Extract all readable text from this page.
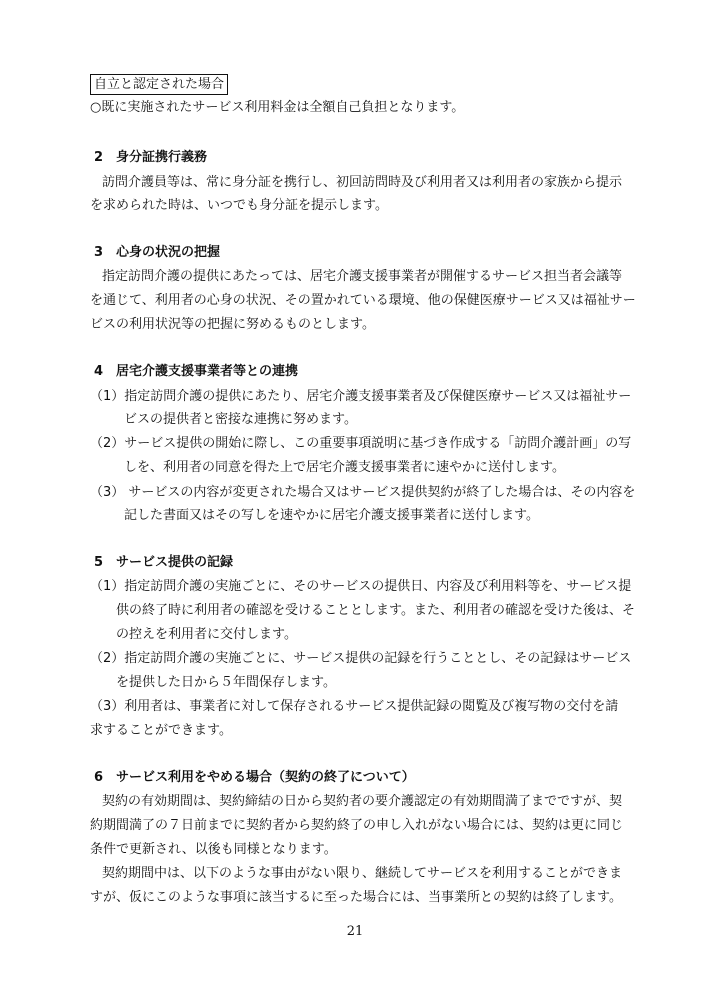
自立と認定された場合

○既に実施されたサービス利用料金は全額自己負担となります。

2 身分証携行義務

訪問介護員等は、常に身分証を携行し、初回訪問時及び利用者又は利用者の家族から提示

を求められた時は、いつでも身分証を提示します。

3 心身の状況の把握

指定訪問介護の提供にあたっては、居宅介護支援事業者が開催するサービス担当者会議等

を通じて、利用者の心身の状況、その置かれている環境、他の保健医療サービス又は福祉サー

ビスの利用状況等の把握に努めるものとします。

4 居宅介護支援事業者等との連携

（1）指定訪問介護の提供にあたり、居宅介護支援事業者及び保健医療サービス又は福祉サー

ビスの提供者と密接な連携に努めます。

（2）サービス提供の開始に際し、この重要事項説明に基づき作成する「訪問介護計画」の写

しを、利用者の同意を得た上で居宅介護支援事業者に速やかに送付します。

（3） サービスの内容が変更された場合又はサービス提供契約が終了した場合は、その内容を

記した書面又はその写しを速やかに居宅介護支援事業者に送付します。

5 サービス提供の記録

（1）指定訪問介護の実施ごとに、そのサービスの提供日、内容及び利用料等を、サービス提

供の終了時に利用者の確認を受けることとします。また、利用者の確認を受けた後は、そ

の控えを利用者に交付します。

（2）指定訪問介護の実施ごとに、サービス提供の記録を行うこととし、その記録はサービス

を提供した日から５年間保存します。

（3）利用者は、事業者に対して保存されるサービス提供記録の閲覧及び複写物の交付を請

求することができます。

6 サービス利用をやめる場合（契約の終了について）

契約の有効期間は、契約締結の日から契約者の要介護認定の有効期間満了までですが、契

約期間満了の７日前までに契約者から契約終了の申し入れがない場合には、契約は更に同じ

条件で更新され、以後も同様となります。

契約期間中は、以下のような事由がない限り、継続してサービスを利用することができま

すが、仮にこのような事項に該当するに至った場合には、当事業所との契約は終了します。

21
